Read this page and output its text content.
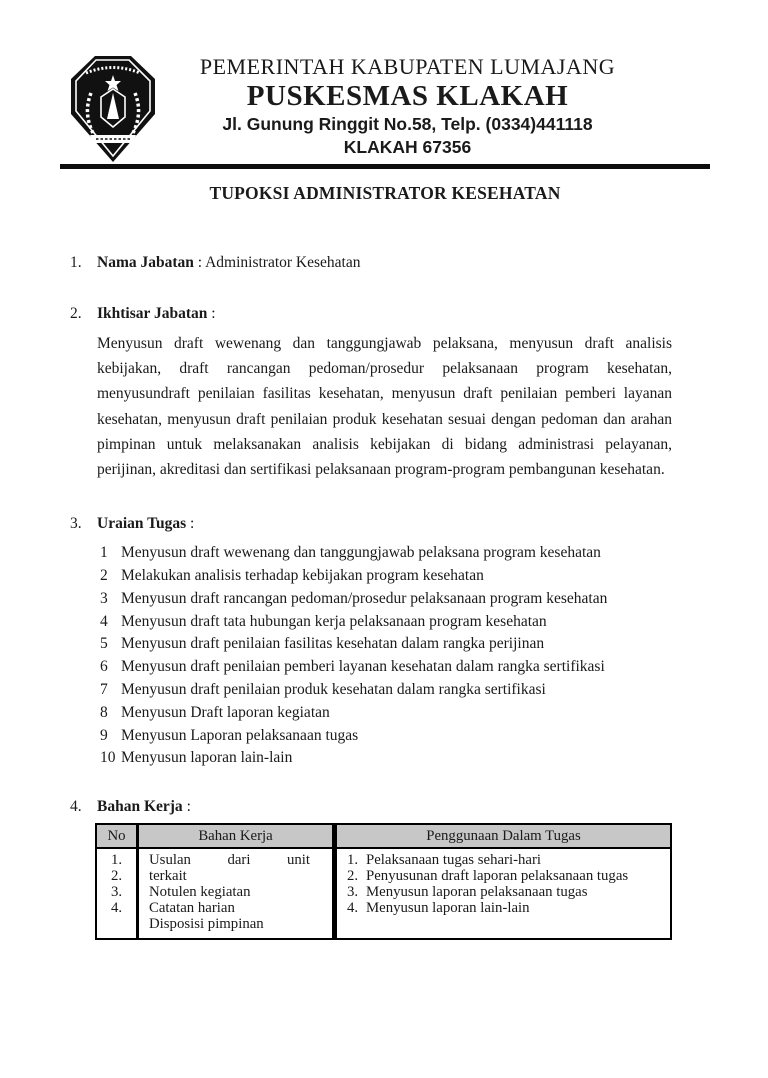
PEMERINTAH KABUPATEN LUMAJANG
PUSKESMAS KLAKAH
Jl. Gunung Ringgit No.58, Telp. (0334)441118
KLAKAH 67356
TUPOKSI ADMINISTRATOR KESEHATAN
1. Nama Jabatan : Administrator Kesehatan
2. Ikhtisar Jabatan :
Menyusun draft wewenang dan tanggungjawab pelaksana, menyusun draft analisis kebijakan, draft rancangan pedoman/prosedur pelaksanaan program kesehatan, menyusundraft penilaian fasilitas kesehatan, menyusun draft penilaian pemberi layanan kesehatan, menyusun draft penilaian produk kesehatan sesuai dengan pedoman dan arahan pimpinan untuk melaksanakan analisis kebijakan di bidang administrasi pelayanan, perijinan, akreditasi dan sertifikasi pelaksanaan program-program pembangunan kesehatan.
3. Uraian Tugas :
1 Menyusun draft wewenang dan tanggungjawab pelaksana program kesehatan
2 Melakukan analisis terhadap kebijakan program kesehatan
3 Menyusun draft rancangan pedoman/prosedur pelaksanaan program kesehatan
4 Menyusun draft tata hubungan kerja pelaksanaan program kesehatan
5 Menyusun draft penilaian fasilitas kesehatan dalam rangka perijinan
6 Menyusun draft penilaian pemberi layanan kesehatan dalam rangka sertifikasi
7 Menyusun draft penilaian produk kesehatan dalam rangka sertifikasi
8 Menyusun Draft laporan kegiatan
9 Menyusun Laporan pelaksanaan tugas
10 Menyusun laporan lain-lain
4. Bahan Kerja :
No	Bahan Kerja	Penggunaan Dalam Tugas
1.
2.
3.
4.
Usulan dari unit
terkait
Notulen kegiatan
Catatan harian
Disposisi pimpinan
1. Pelaksanaan tugas sehari-hari
2. Penyusunan draft laporan pelaksanaan tugas
3. Menyusun laporan pelaksanaan tugas
4. Menyusun laporan lain-lain
